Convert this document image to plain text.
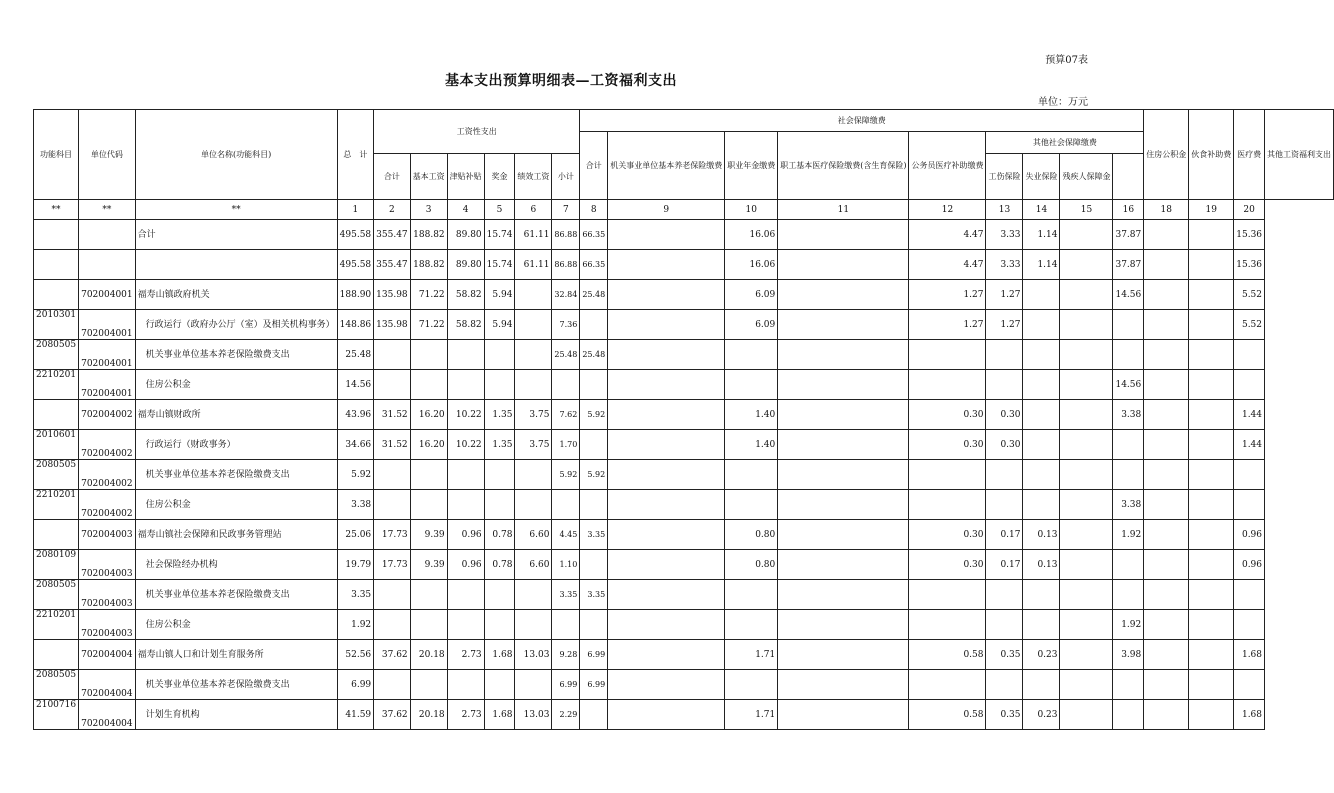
预算07表
基本支出预算明细表—工资福利支出
单位：万元
功能科目	单位代码	单位名称(功能科目)	总　计	工资性支出						社会保障缴费									住房公积金	伙食补助费	医疗费	其他工资福利支出
										合计	机关事业单位基本养老保险缴费	职业年金缴费	职工基本医疗保险缴费(含生育保险)	公务员医疗补助缴费	其他社会保障缴费							
				合计	基本工资	津贴补贴	奖金	绩效工资	小计						工伤保险	失业保险	残疾人保障金					
**	**	**	1	2	3	4	5	6	7	8	9	10	11	12	13	14	15	16	18	19	20	
		合计	495.58	355.47	188.82	89.80	15.74	61.11	86.88	66.35		16.06		4.47	3.33	1.14		37.87			15.36	
			495.58	355.47	188.82	89.80	15.74	61.11	86.88	66.35		16.06		4.47	3.33	1.14		37.87			15.36	
	702004001	福寿山镇政府机关	188.90	135.98	71.22	58.82	5.94		32.84	25.48		6.09		1.27	1.27			14.56			5.52	
2010301	702004001	行政运行（政府办公厅（室）及相关机构事务）	148.86	135.98	71.22	58.82	5.94		7.36			6.09		1.27	1.27						5.52	
2080505	702004001	机关事业单位基本养老保险缴费支出	25.48						25.48	25.48												
2210201	702004001	住房公积金	14.56															14.56				
	702004002	福寿山镇财政所	43.96	31.52	16.20	10.22	1.35	3.75	7.62	5.92		1.40		0.30	0.30			3.38			1.44	
2010601	702004002	行政运行（财政事务）	34.66	31.52	16.20	10.22	1.35	3.75	1.70			1.40		0.30	0.30						1.44	
2080505	702004002	机关事业单位基本养老保险缴费支出	5.92						5.92	5.92												
2210201	702004002	住房公积金	3.38															3.38				
	702004003	福寿山镇社会保障和民政事务管理站	25.06	17.73	9.39	0.96	0.78	6.60	4.45	3.35		0.80		0.30	0.17	0.13		1.92			0.96	
2080109	702004003	社会保险经办机构	19.79	17.73	9.39	0.96	0.78	6.60	1.10			0.80		0.30	0.17	0.13					0.96	
2080505	702004003	机关事业单位基本养老保险缴费支出	3.35						3.35	3.35												
2210201	702004003	住房公积金	1.92															1.92				
	702004004	福寿山镇人口和计划生育服务所	52.56	37.62	20.18	2.73	1.68	13.03	9.28	6.99		1.71		0.58	0.35	0.23		3.98			1.68	
2080505	702004004	机关事业单位基本养老保险缴费支出	6.99						6.99	6.99												
2100716	702004004	计划生育机构	41.59	37.62	20.18	2.73	1.68	13.03	2.29			1.71		0.58	0.35	0.23					1.68	
